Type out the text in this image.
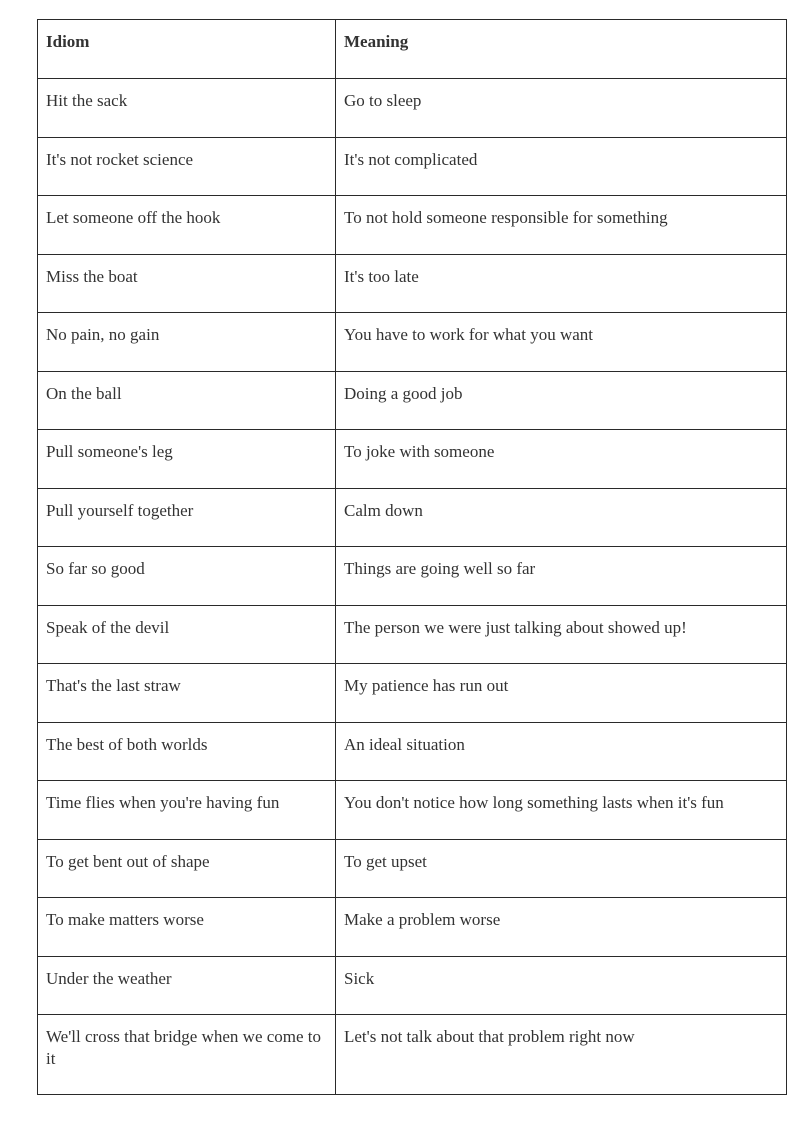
Idiom	Meaning
Hit the sack	Go to sleep
It's not rocket science	It's not complicated
Let someone off the hook	To not hold someone responsible for something
Miss the boat	It's too late
No pain, no gain	You have to work for what you want
On the ball	Doing a good job
Pull someone's leg	To joke with someone
Pull yourself together	Calm down
So far so good	Things are going well so far
Speak of the devil	The person we were just talking about showed up!
That's the last straw	My patience has run out
The best of both worlds	An ideal situation
Time flies when you're having fun	You don't notice how long something lasts when it's fun
To get bent out of shape	To get upset
To make matters worse	Make a problem worse
Under the weather	Sick
We'll cross that bridge when we come to it	Let's not talk about that problem right now
